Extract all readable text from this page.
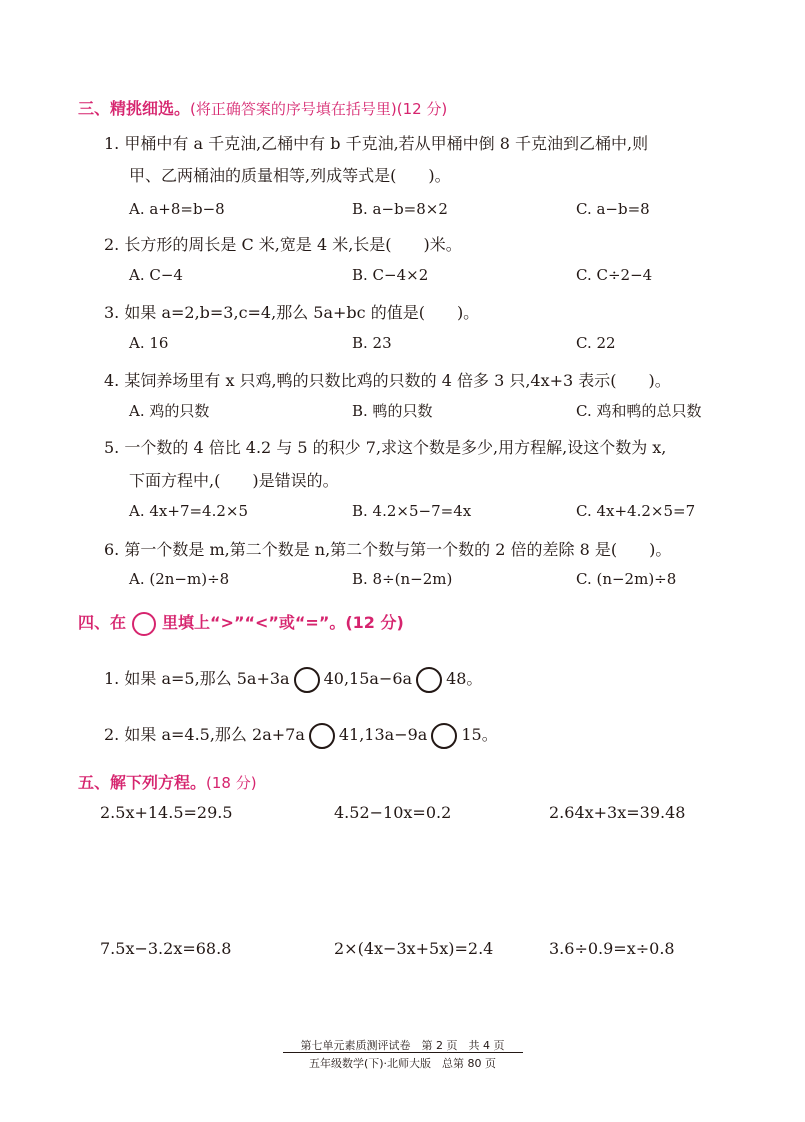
三、精挑细选。(将正确答案的序号填在括号里)(12 分)
1. 甲桶中有 a 千克油,乙桶中有 b 千克油,若从甲桶中倒 8 千克油到乙桶中,则
甲、乙两桶油的质量相等,列成等式是(　　)。
A. a+8=b−8	B. a−b=8×2	C. a−b=8
2. 长方形的周长是 C 米,宽是 4 米,长是(　　)米。
A. C−4	B. C−4×2	C. C÷2−4
3. 如果 a=2,b=3,c=4,那么 5a+bc 的值是(　　)。
A. 16	B. 23	C. 22
4. 某饲养场里有 x 只鸡,鸭的只数比鸡的只数的 4 倍多 3 只,4x+3 表示(　　)。
A. 鸡的只数	B. 鸭的只数	C. 鸡和鸭的总只数
5. 一个数的 4 倍比 4.2 与 5 的积少 7,求这个数是多少,用方程解,设这个数为 x,
下面方程中,(　　)是错误的。
A. 4x+7=4.2×5	B. 4.2×5−7=4x	C. 4x+4.2×5=7
6. 第一个数是 m,第二个数是 n,第二个数与第一个数的 2 倍的差除 8 是(　　)。
A. (2n−m)÷8	B. 8÷(n−2m)	C. (n−2m)÷8
四、在 里填上“>”“<”或“=”。(12 分)
1. 如果 a=5,那么 5a+3a 40,15a−6a 48。
2. 如果 a=4.5,那么 2a+7a 41,13a−9a 15。
五、解下列方程。(18 分)
2.5x+14.5=29.5	4.52−10x=0.2	2.64x+3x=39.48
7.5x−3.2x=68.8	2×(4x−3x+5x)=2.4	3.6÷0.9=x÷0.8
第七单元素质测评试卷　第 2 页　共 4 页
五年级数学(下)·北师大版　总第 80 页
